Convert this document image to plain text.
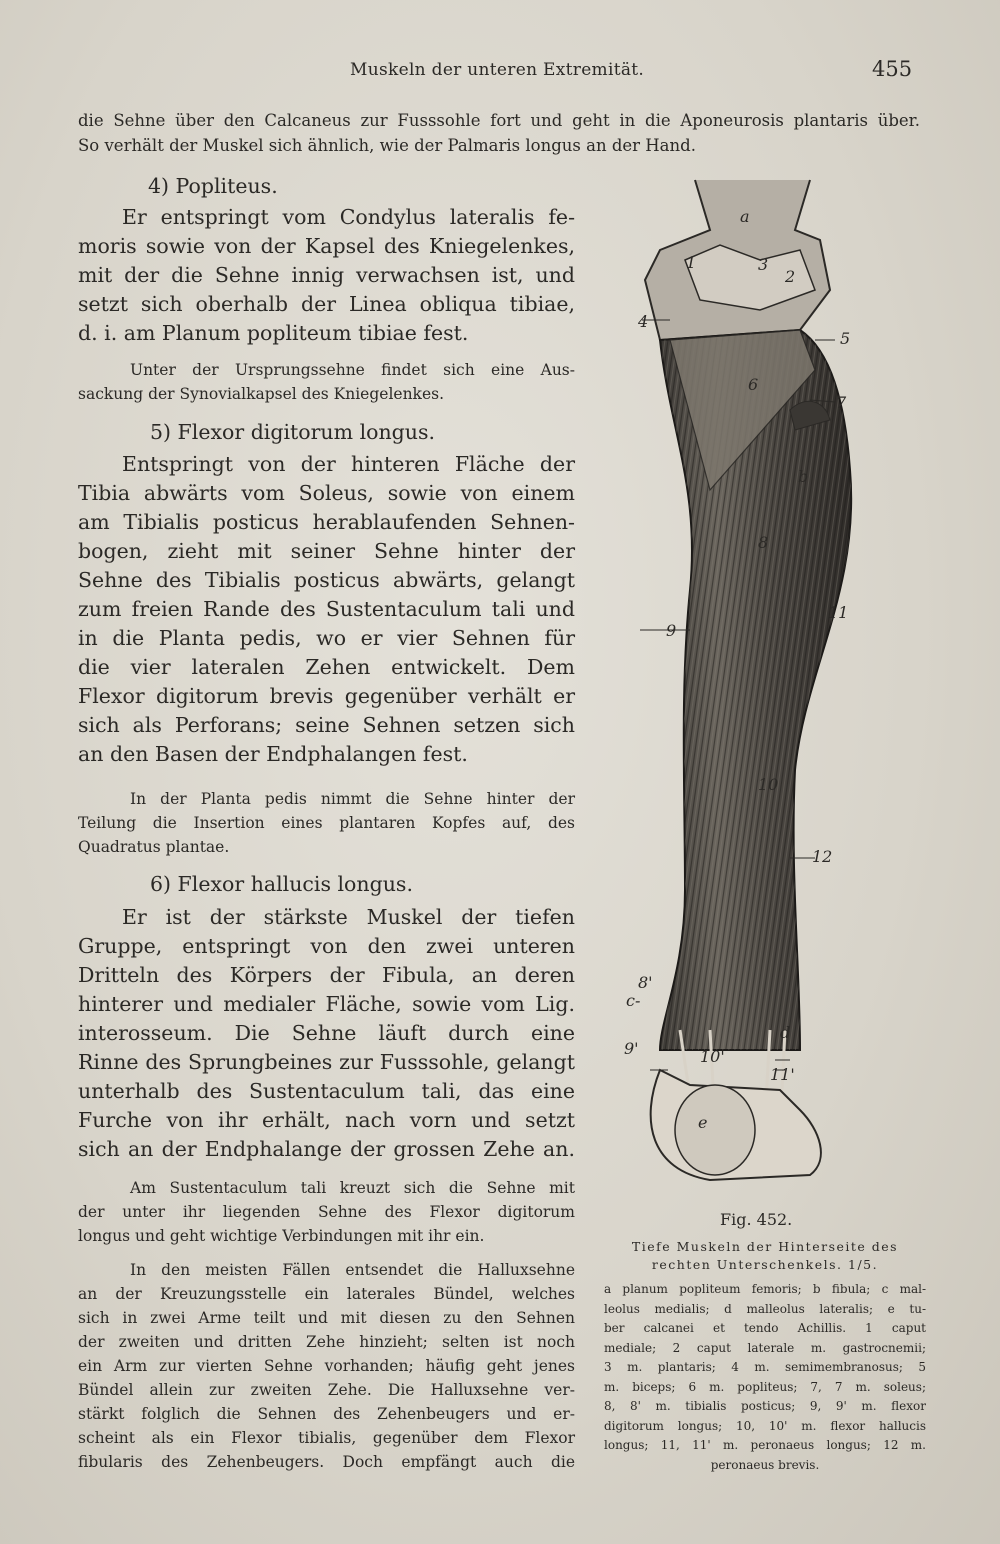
Muskeln der unteren Extremität.	455
die Sehne über den Calcaneus zur Fusssohle fort und geht in die Aponeurosis plantaris über.
So verhält der Muskel sich ähnlich, wie der Palmaris longus an der Hand.
4) Popliteus.
Er entspringt vom Condylus lateralis fe-
moris sowie von der Kapsel des Kniegelenkes,
mit der die Sehne innig verwachsen ist, und
setzt sich oberhalb der Linea obliqua tibiae,
d. i. am Planum popliteum tibiae fest.
Unter der Ursprungssehne findet sich eine Aus-
sackung der Synovialkapsel des Kniegelenkes.
5) Flexor digitorum longus.
Entspringt von der hinteren Fläche der
Tibia abwärts vom Soleus, sowie von einem
am Tibialis posticus herablaufenden Sehnen-
bogen, zieht mit seiner Sehne hinter der
Sehne des Tibialis posticus abwärts, gelangt
zum freien Rande des Sustentaculum tali und
in die Planta pedis, wo er vier Sehnen für
die vier lateralen Zehen entwickelt. Dem
Flexor digitorum brevis gegenüber verhält er
sich als Perforans; seine Sehnen setzen sich
an den Basen der Endphalangen fest.
In der Planta pedis nimmt die Sehne hinter der
Teilung die Insertion eines plantaren Kopfes auf, des
Quadratus plantae.
6) Flexor hallucis longus.
Er ist der stärkste Muskel der tiefen
Gruppe, entspringt von den zwei unteren
Dritteln des Körpers der Fibula, an deren
hinterer und medialer Fläche, sowie vom Lig.
interosseum. Die Sehne läuft durch eine
Rinne des Sprungbeines zur Fusssohle, gelangt
unterhalb des Sustentaculum tali, das eine
Furche von ihr erhält, nach vorn und setzt
sich an der Endphalange der grossen Zehe an.
Am Sustentaculum tali kreuzt sich die Sehne mit
der unter ihr liegenden Sehne des Flexor digitorum
longus und geht wichtige Verbindungen mit ihr ein.
In den meisten Fällen entsendet die Halluxsehne
an der Kreuzungsstelle ein laterales Bündel, welches
sich in zwei Arme teilt und mit diesen zu den Sehnen
der zweiten und dritten Zehe hinzieht; selten ist noch
ein Arm zur vierten Sehne vorhanden; häufig geht jenes
Bündel allein zur zweiten Zehe. Die Halluxsehne ver-
stärkt folglich die Sehnen des Zehenbeugers und er-
scheint als ein Flexor tibialis, gegenüber dem Flexor
fibularis des Zehenbeugers. Doch empfängt auch die
a
1	3
2
4
5
6
7
b
8
11
9
10
12
8'
c-
d
9'	10'
11'
e
Fig. 452.
Tiefe Muskeln der Hinterseite des
rechten Unterschenkels. 1/5.
a planum popliteum femoris; b fibula; c mal-
leolus medialis; d malleolus lateralis; e tu-
ber calcanei et tendo Achillis. 1 caput
mediale; 2 caput laterale m. gastrocnemii;
3 m. plantaris; 4 m. semimembranosus; 5
m. biceps; 6 m. popliteus; 7, 7 m. soleus;
8, 8' m. tibialis posticus; 9, 9' m. flexor
digitorum longus; 10, 10' m. flexor hallucis
longus; 11, 11' m. peronaeus longus; 12 m.
peronaeus brevis.
